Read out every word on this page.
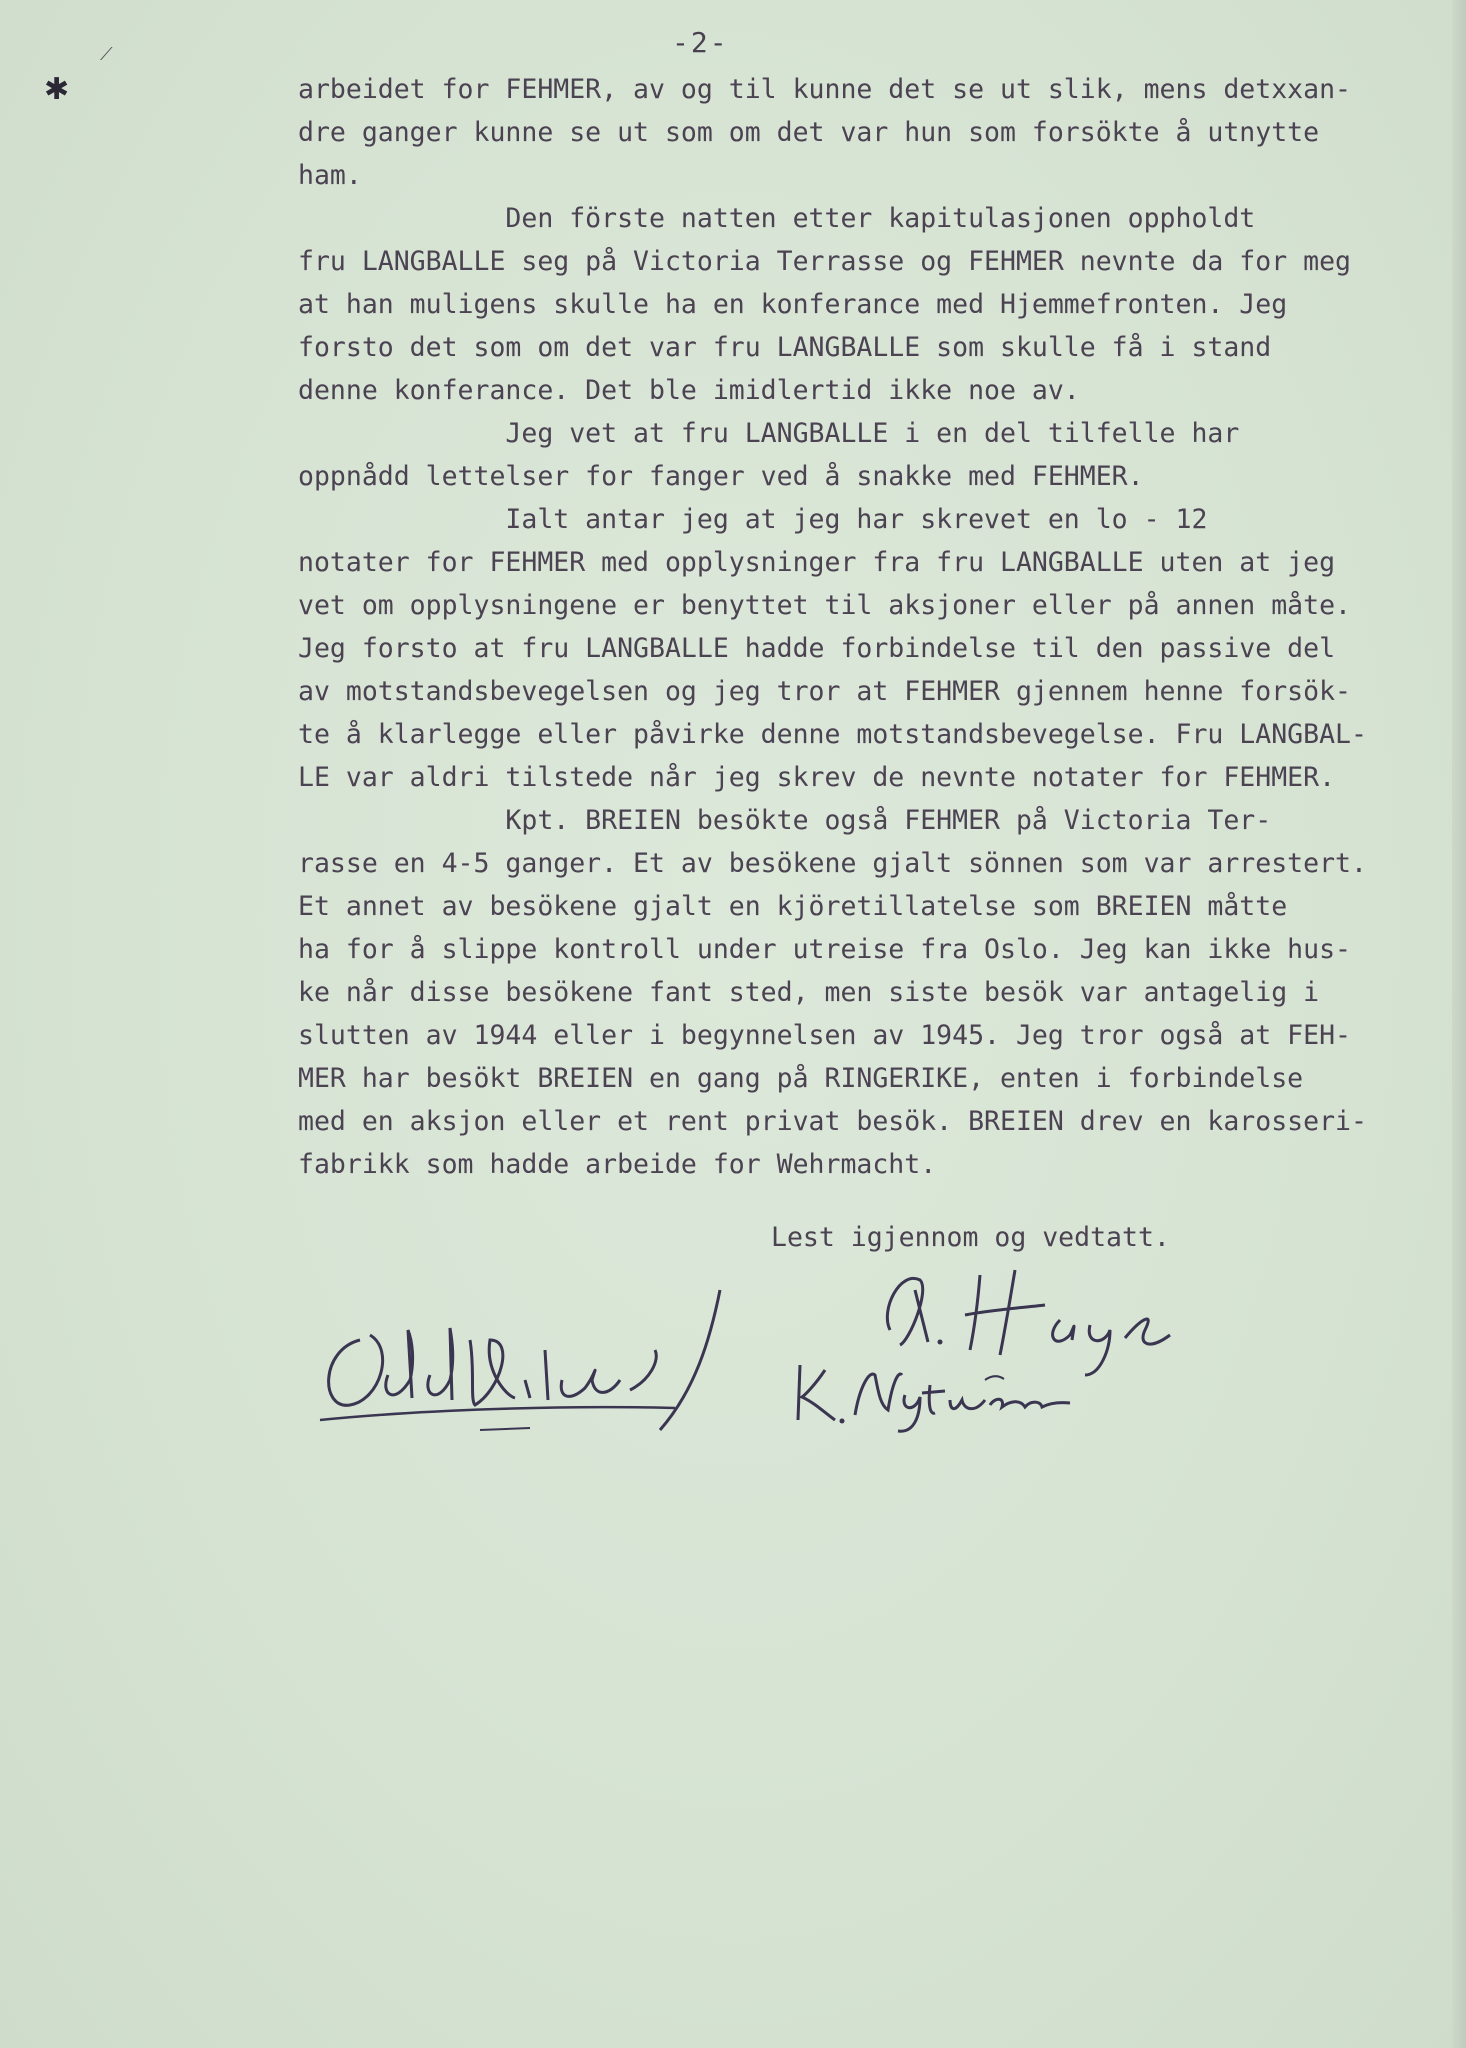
✱
⟋	-2-
arbeidet for FEHMER, av og til kunne det se ut slik, mens detxxan-
dre ganger kunne se ut som om det var hun som forsökte å utnytte
ham.
Den förste natten etter kapitulasjonen oppholdt
fru LANGBALLE seg på Victoria Terrasse og FEHMER nevnte da for meg
at han muligens skulle ha en konferance med Hjemmefronten. Jeg
forsto det som om det var fru LANGBALLE som skulle få i stand
denne konferance. Det ble imidlertid ikke noe av.
Jeg vet at fru LANGBALLE i en del tilfelle har
oppnådd lettelser for fanger ved å snakke med FEHMER.
Ialt antar jeg at jeg har skrevet en lo - 12
notater for FEHMER med opplysninger fra fru LANGBALLE uten at jeg
vet om opplysningene er benyttet til aksjoner eller på annen måte.
Jeg forsto at fru LANGBALLE hadde forbindelse til den passive del
av motstandsbevegelsen og jeg tror at FEHMER gjennem henne forsök-
te å klarlegge eller påvirke denne motstandsbevegelse. Fru LANGBAL-
LE var aldri tilstede når jeg skrev de nevnte notater for FEHMER.
Kpt. BREIEN besökte også FEHMER på Victoria Ter-
rasse en 4-5 ganger. Et av besökene gjalt sönnen som var arrestert.
Et annet av besökene gjalt en kjöretillatelse som BREIEN måtte
ha for å slippe kontroll under utreise fra Oslo. Jeg kan ikke hus-
ke når disse besökene fant sted, men siste besök var antagelig i
slutten av 1944 eller i begynnelsen av 1945. Jeg tror også at FEH-
MER har besökt BREIEN en gang på RINGERIKE, enten i forbindelse
med en aksjon eller et rent privat besök. BREIEN drev en karosseri-
fabrikk som hadde arbeide for Wehrmacht.
Lest igjennom og vedtatt.
